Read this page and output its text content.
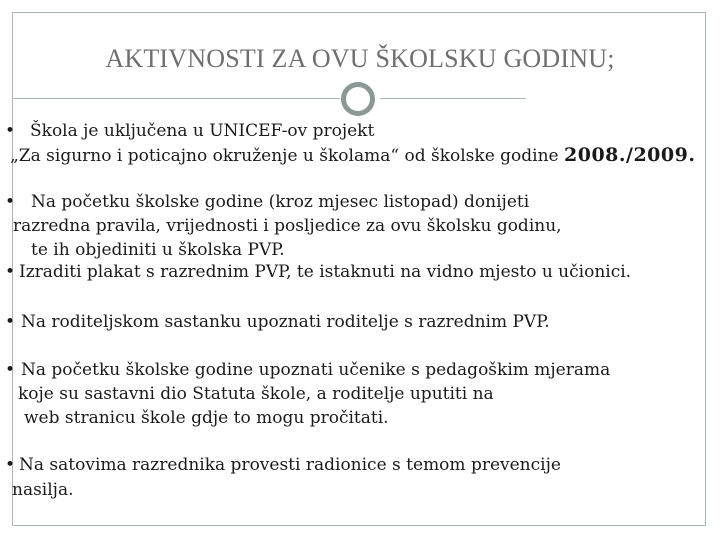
AKTIVNOSTI ZA OVU ŠKOLSKU GODINU;
• Škola je uključena u UNICEF-ov projekt
„Za sigurno i poticajno okruženje u školama“ od školske godine 2008./2009.
• Na početku školske godine (kroz mjesec listopad) donijeti
razredna pravila, vrijednosti i posljedice za ovu školsku godinu,
te ih objediniti u školska PVP.
• Izraditi plakat s razrednim PVP, te istaknuti na vidno mjesto u učionici.
• Na roditeljskom sastanku upoznati roditelje s razrednim PVP.
• Na početku školske godine upoznati učenike s pedagoškim mjerama
koje su sastavni dio Statuta škole, a roditelje uputiti na
web stranicu škole gdje to mogu pročitati.
• Na satovima razrednika provesti radionice s temom prevencije
nasilja.
